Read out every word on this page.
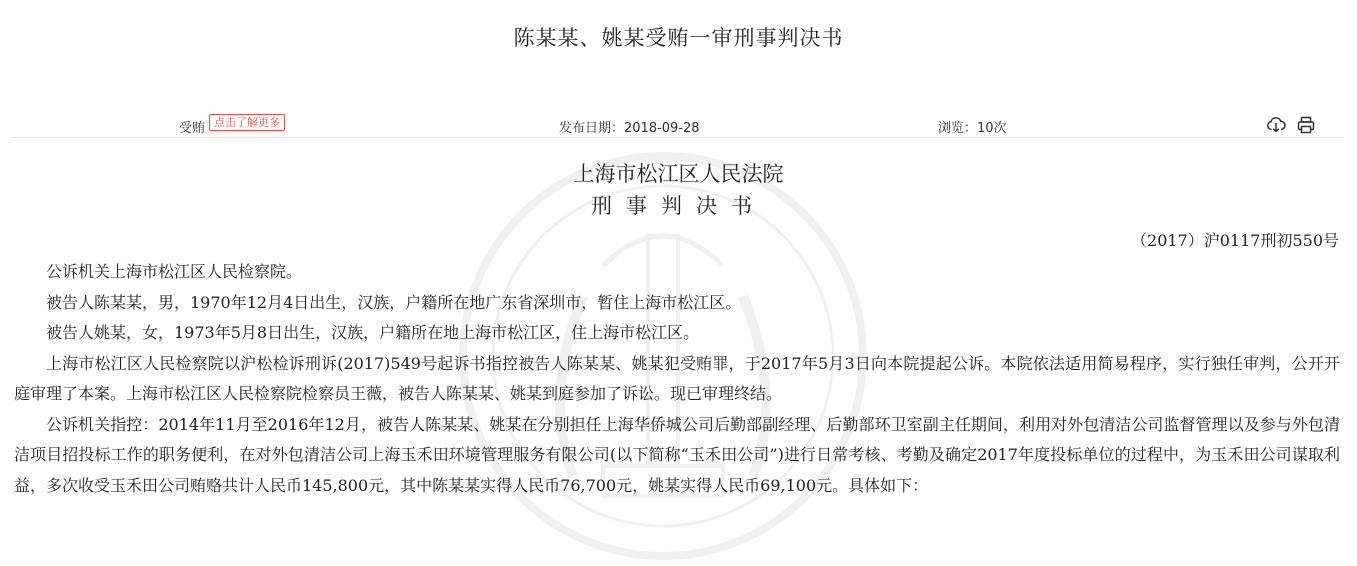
陈某某、姚某受贿一审刑事判决书
受贿 点击了解更多	发布日期：2018-09-28	浏览：10次
上海市松江区人民法院
刑事判决书
（2017）沪0117刑初550号

公诉机关上海市松江区人民检察院。

被告人陈某某，男，1970年12月4日出生，汉族，户籍所在地广东省深圳市，暂住上海市松江区。

被告人姚某，女，1973年5月8日出生，汉族，户籍所在地上海市松江区，住上海市松江区。

上海市松江区人民检察院以沪松检诉刑诉(2017)549号起诉书指控被告人陈某某、姚某犯受贿罪，于2017年5月3日向本院提起公诉。本院依法适用简易程序，实行独任审判，公开开庭审理了本案。上海市松江区人民检察院检察员王薇，被告人陈某某、姚某到庭参加了诉讼。现已审理终结。

公诉机关指控：2014年11月至2016年12月，被告人陈某某、姚某在分别担任上海华侨城公司后勤部副经理、后勤部环卫室副主任期间，利用对外包清洁公司监督管理以及参与外包清洁项目招投标工作的职务便利，在对外包清洁公司上海玉禾田环境管理服务有限公司(以下简称“玉禾田公司”)进行日常考核、考勤及确定2017年度投标单位的过程中，为玉禾田公司谋取利益，多次收受玉禾田公司贿赂共计人民币145,800元，其中陈某某实得人民币76,700元，姚某实得人民币69,100元。具体如下：
